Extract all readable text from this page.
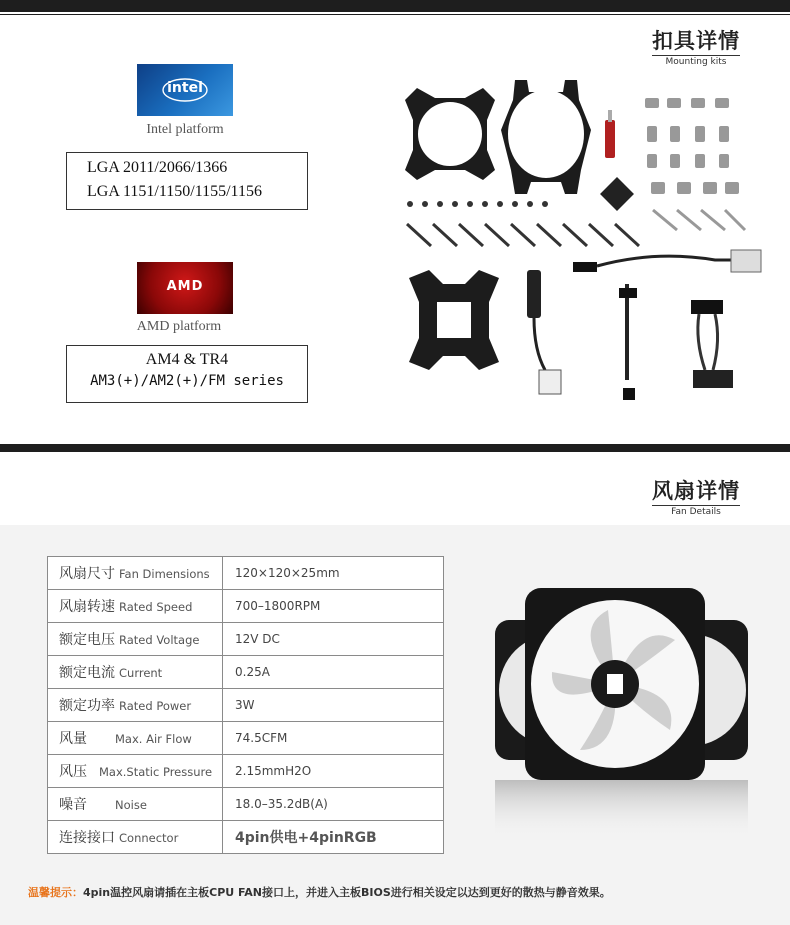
扣具详情
Mounting kits
intel
Intel platform
LGA 2011/2066/1366
LGA 1151/1150/1155/1156
AMD
AMD platform
AM4 & TR4
AM3(+)/AM2(+)/FM series
风扇详情
Fan Details
风扇尺寸 Fan Dimensions	120×120×25mm
风扇转速 Rated Speed	700–1800RPM
额定电压 Rated Voltage	12V DC
额定电流 Current	0.25A
额定功率 Rated Power	3W
风量 Max. Air Flow	74.5CFM
风压 Max.Static Pressure	2.15mmH2O
噪音 Noise	18.0–35.2dB(A)
连接接口 Connector	4pin供电+4pinRGB
温馨提示：4pin温控风扇请插在主板CPU FAN接口上，并进入主板BIOS进行相关设定以达到更好的散热与静音效果。
